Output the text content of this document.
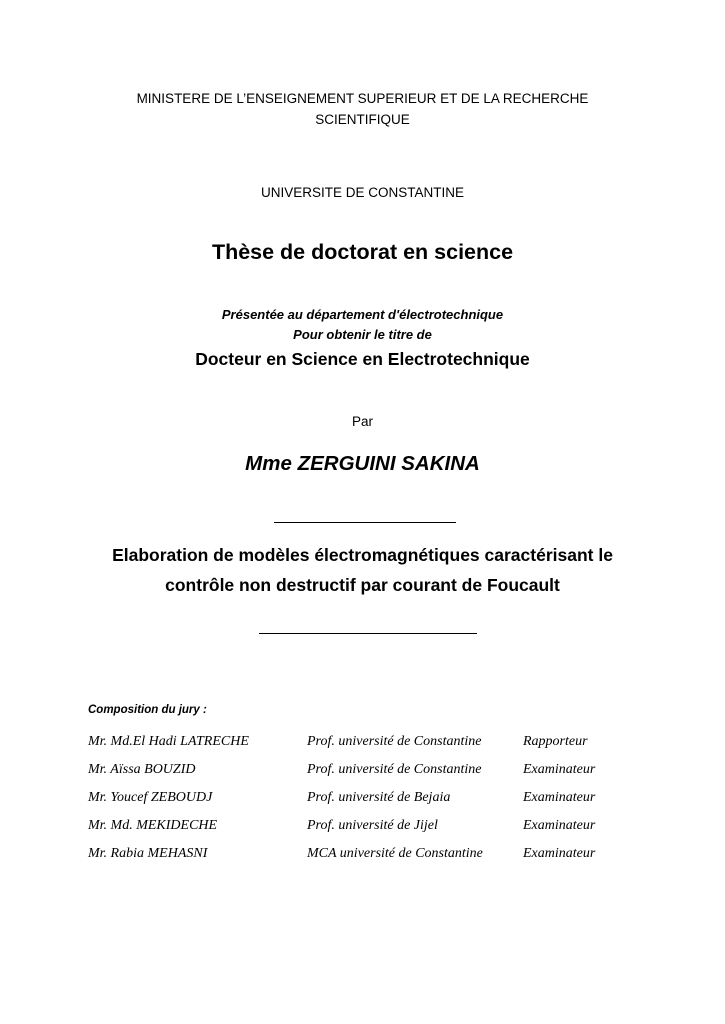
MINISTERE DE L’ENSEIGNEMENT SUPERIEUR ET DE LA RECHERCHE
SCIENTIFIQUE
UNIVERSITE DE CONSTANTINE
Thèse de doctorat en science
Présentée au département d'électrotechnique
Pour obtenir le titre de
Docteur en Science en Electrotechnique
Par
Mme ZERGUINI SAKINA
Elaboration de modèles électromagnétiques caractérisant le
contrôle non destructif par courant de Foucault
Composition du jury :
Mr. Md.El Hadi LATRECHE	Prof. université de Constantine	Rapporteur
Mr. Aïssa BOUZID	Prof. université de Constantine	Examinateur
Mr. Youcef ZEBOUDJ	Prof. université de Bejaia	Examinateur
Mr. Md. MEKIDECHE	Prof. université de Jijel	Examinateur
Mr. Rabia MEHASNI	MCA université de Constantine	Examinateur
